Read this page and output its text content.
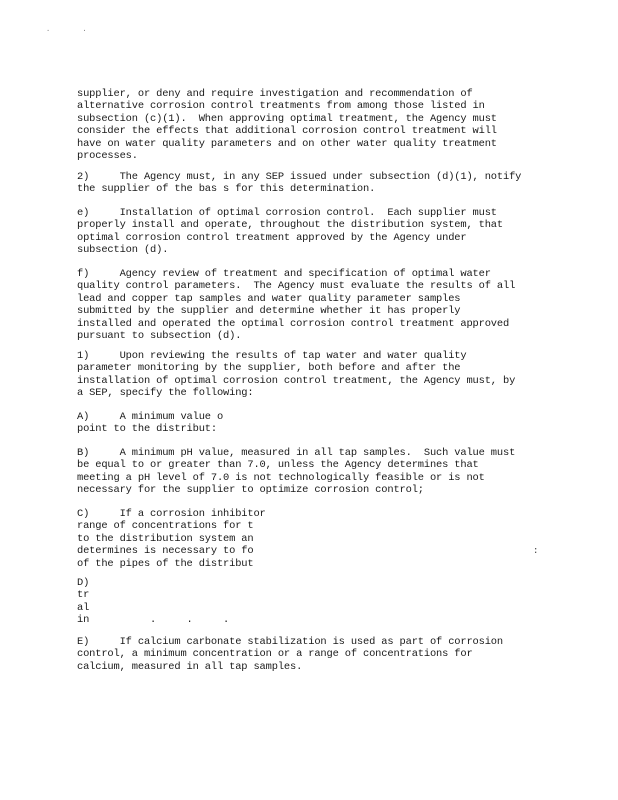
.	.
supplier, or deny and require investigation and recommendation of
alternative corrosion control treatments from among those listed in
subsection (c)(1).  When approving optimal treatment, the Agency must
consider the effects that additional corrosion control treatment will
have on water quality parameters and on other water quality treatment
processes.
2)     The Agency must, in any SEP issued under subsection (d)(1), notify
the supplier of the bas s for this determination.
e)     Installation of optimal corrosion control.  Each supplier must
properly install and operate, throughout the distribution system, that
optimal corrosion control treatment approved by the Agency under
subsection (d).
f)     Agency review of treatment and specification of optimal water
quality control parameters.  The Agency must evaluate the results of all
lead and copper tap samples and water quality parameter samples
submitted by the supplier and determine whether it has properly
installed and operated the optimal corrosion control treatment approved
pursuant to subsection (d).
1)     Upon reviewing the results of tap water and water quality
parameter monitoring by the supplier, both before and after the
installation of optimal corrosion control treatment, the Agency must, by
a SEP, specify the following:
A)     A minimum value o
point to the distribut:
B)     A minimum pH value, measured in all tap samples.  Such value must
be equal to or greater than 7.0, unless the Agency determines that
meeting a pH level of 7.0 is not technologically feasible or is not
necessary for the supplier to optimize corrosion control;
C)     If a corrosion inhibitor
range of concentrations for t
to the distribution system an
determines is necessary to fo
of the pipes of the distribut
D)
tr
al
in          .     .     .
E)     If calcium carbonate stabilization is used as part of corrosion
control, a minimum concentration or a range of concentrations for
calcium, measured in all tap samples.
:
